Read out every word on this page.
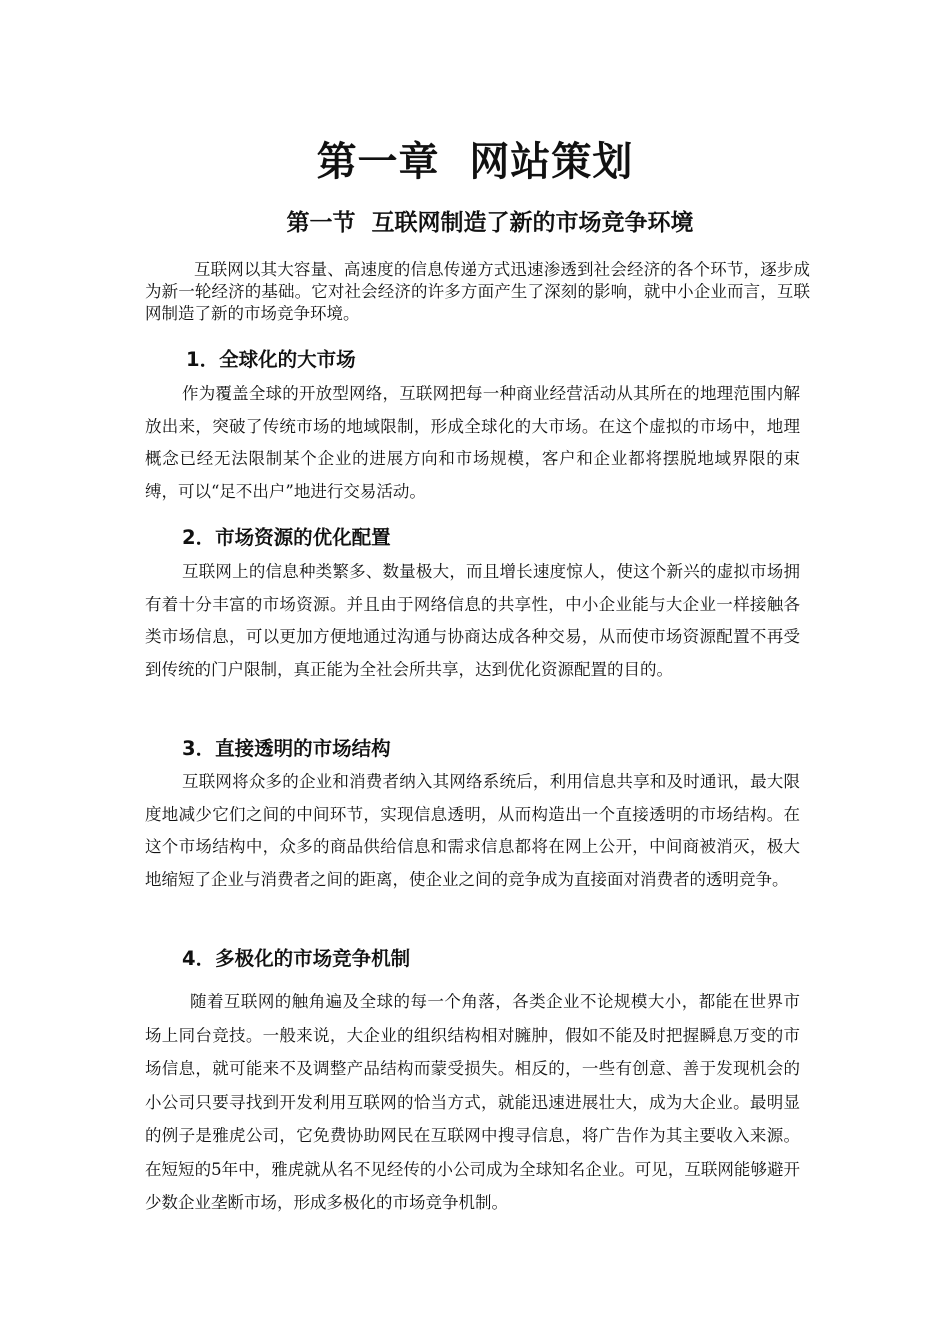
第一章  网站策划
第一节  互联网制造了新的市场竞争环境

互联网以其大容量、高速度的信息传递方式迅速渗透到社会经济的各个环节，逐步成为新一轮经济的基础。它对社会经济的许多方面产生了深刻的影响，就中小企业而言，互联网制造了新的市场竞争环境。

1．全球化的大市场

作为覆盖全球的开放型网络，互联网把每一种商业经营活动从其所在的地理范围内解放出来，突破了传统市场的地域限制，形成全球化的大市场。在这个虚拟的市场中，地理概念已经无法限制某个企业的进展方向和市场规模，客户和企业都将摆脱地域界限的束缚，可以“足不出户”地进行交易活动。

2．市场资源的优化配置

互联网上的信息种类繁多、数量极大，而且增长速度惊人，使这个新兴的虚拟市场拥有着十分丰富的市场资源。并且由于网络信息的共享性，中小企业能与大企业一样接触各类市场信息，可以更加方便地通过沟通与协商达成各种交易，从而使市场资源配置不再受到传统的门户限制，真正能为全社会所共享，达到优化资源配置的目的。

3．直接透明的市场结构

互联网将众多的企业和消费者纳入其网络系统后，利用信息共享和及时通讯，最大限度地减少它们之间的中间环节，实现信息透明，从而构造出一个直接透明的市场结构。在这个市场结构中，众多的商品供给信息和需求信息都将在网上公开，中间商被消灭，极大地缩短了企业与消费者之间的距离，使企业之间的竞争成为直接面对消费者的透明竞争。

4．多极化的市场竞争机制

随着互联网的触角遍及全球的每一个角落，各类企业不论规模大小，都能在世界市场上同台竞技。一般来说，大企业的组织结构相对臃肿，假如不能及时把握瞬息万变的市场信息，就可能来不及调整产品结构而蒙受损失。相反的，一些有创意、善于发现机会的小公司只要寻找到开发利用互联网的恰当方式，就能迅速进展壮大，成为大企业。最明显的例子是雅虎公司，它免费协助网民在互联网中搜寻信息，将广告作为其主要收入来源。在短短的5年中，雅虎就从名不见经传的小公司成为全球知名企业。可见，互联网能够避开少数企业垄断市场，形成多极化的市场竞争机制。
